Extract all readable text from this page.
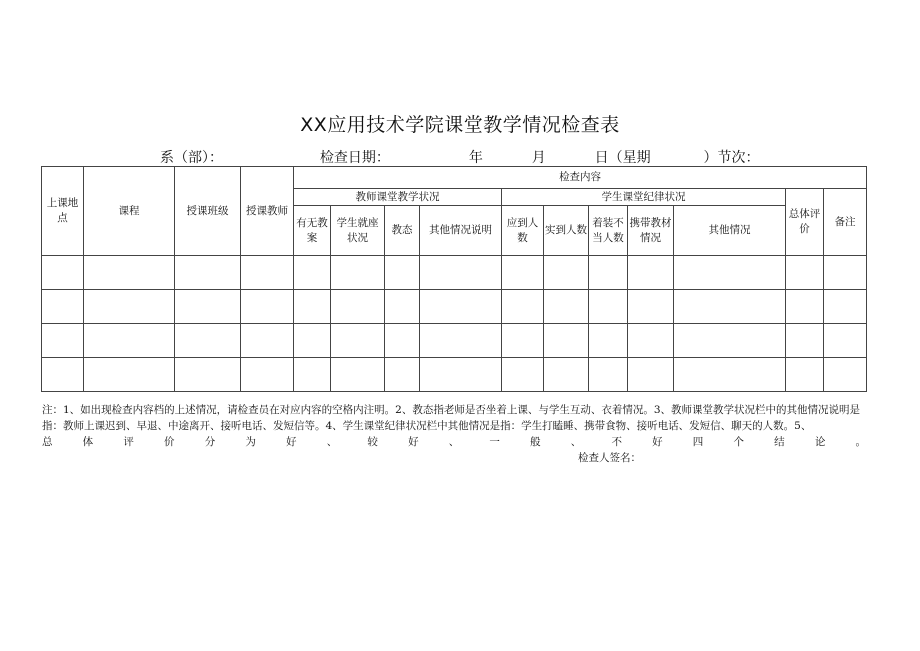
XX应用技术学院课堂教学情况检查表
系（部）：	检查日期：	年	月	日（星期	）节次：
上课地点	课程	授课班级	授课教师	检查内容										
				教师课堂教学状况				学生课堂纪律状况					总体评价	备注
				有无教案	学生就座状况	教态	其他情况说明	应到人数	实到人数	着装不当人数	携带教材情况	其他情况		

注：1、如出现检查内容档的上述情况，请检查员在对应内容的空格内注明。2、教态指老师是否坐着上课、与学生互动、衣着情况。3、教师课堂教学状况栏中的其他情况说明是指：教师上课迟到、早退、中途离开、接听电话、发短信等。4、学生课堂纪律状况栏中其他情况是指：学生打瞌睡、携带食物、接听电话、发短信、聊天的人数。5、
总体评价分为好、较好、一般、不好四个结论。
检查人签名：
